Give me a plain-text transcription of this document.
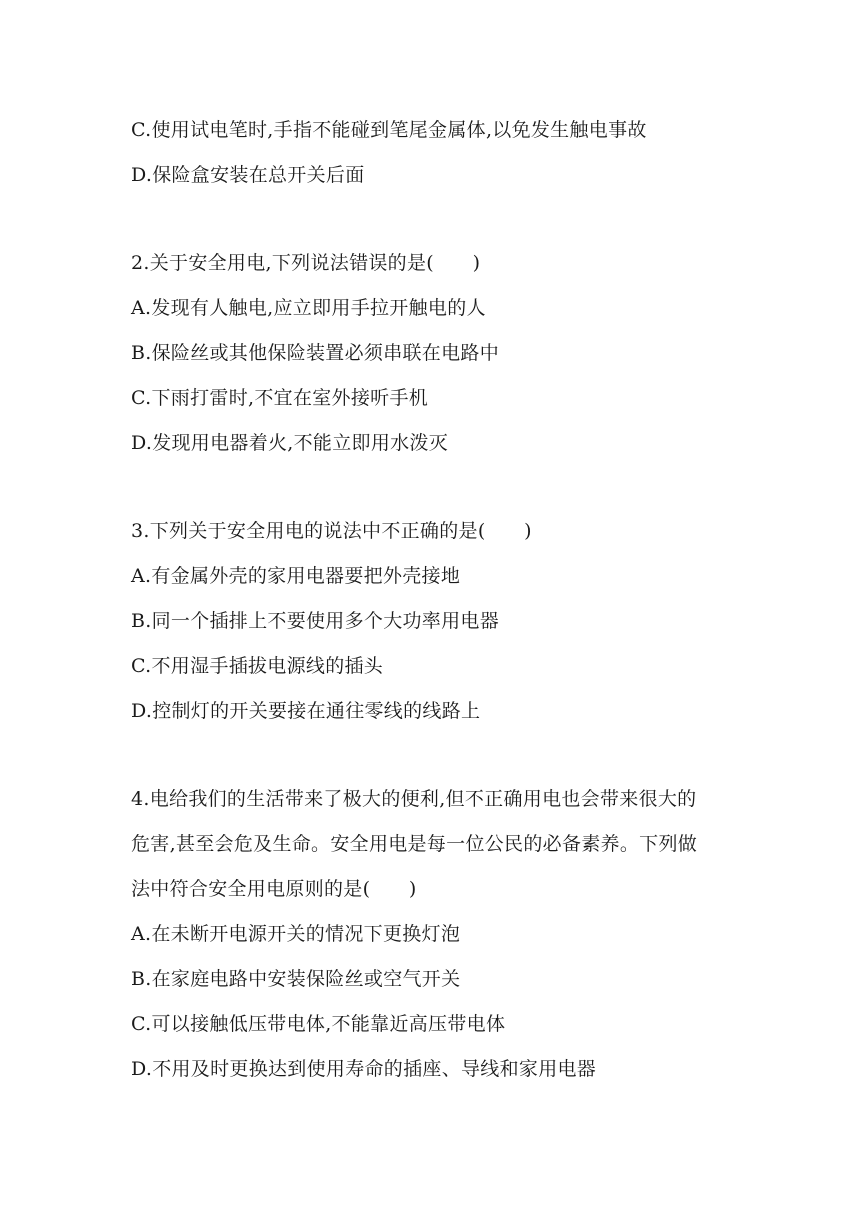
C.使用试电笔时,手指不能碰到笔尾金属体,以免发生触电事故
D.保险盒安装在总开关后面
2.关于安全用电,下列说法错误的是(　　)
A.发现有人触电,应立即用手拉开触电的人
B.保险丝或其他保险装置必须串联在电路中
C.下雨打雷时,不宜在室外接听手机
D.发现用电器着火,不能立即用水泼灭
3.下列关于安全用电的说法中不正确的是(　　)
A.有金属外壳的家用电器要把外壳接地
B.同一个插排上不要使用多个大功率用电器
C.不用湿手插拔电源线的插头
D.控制灯的开关要接在通往零线的线路上
4.电给我们的生活带来了极大的便利,但不正确用电也会带来很大的
危害,甚至会危及生命。安全用电是每一位公民的必备素养。下列做
法中符合安全用电原则的是(　　)
A.在未断开电源开关的情况下更换灯泡
B.在家庭电路中安装保险丝或空气开关
C.可以接触低压带电体,不能靠近高压带电体
D.不用及时更换达到使用寿命的插座、导线和家用电器
